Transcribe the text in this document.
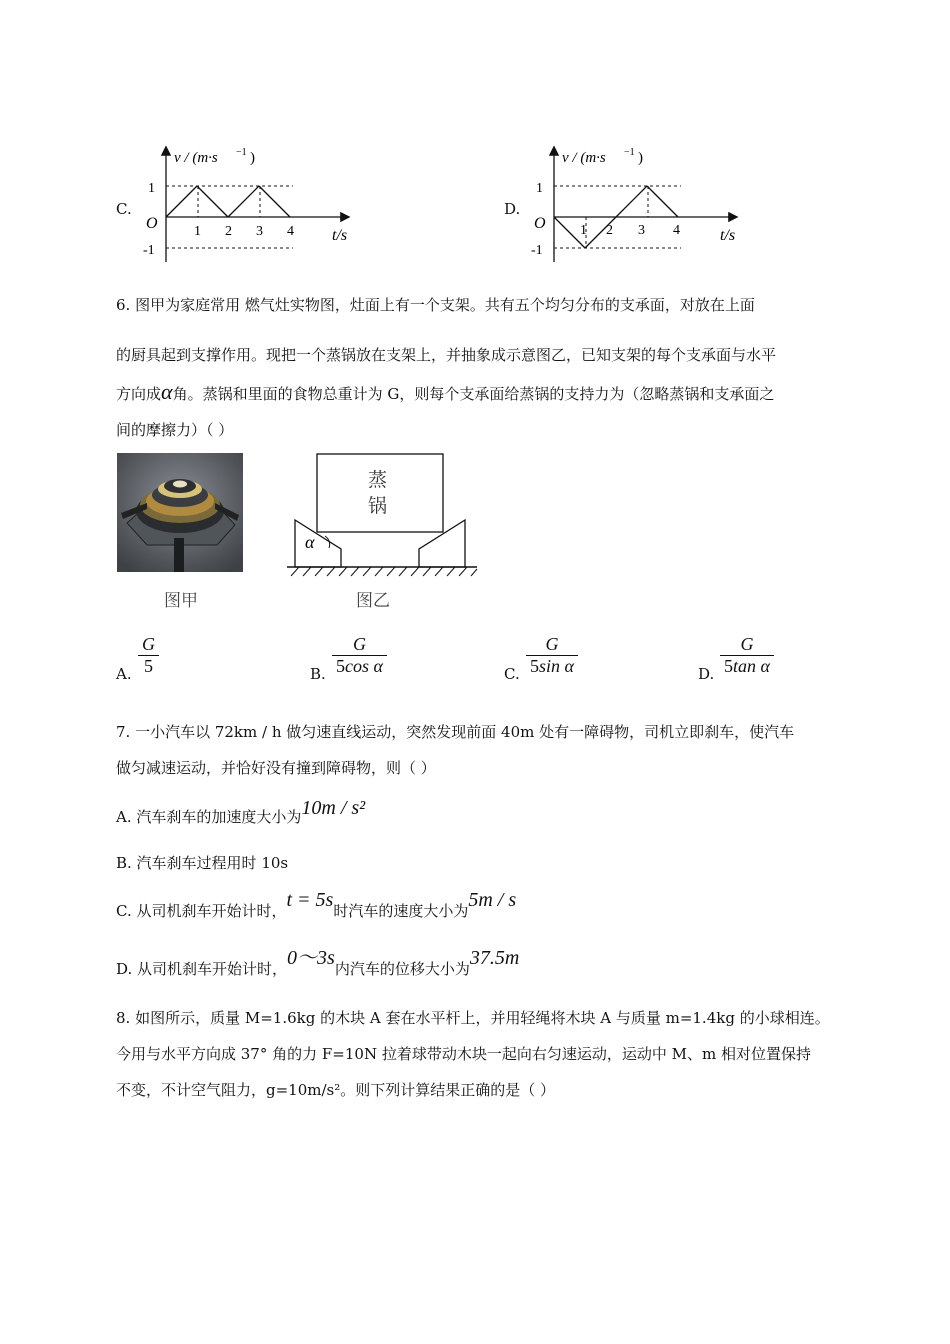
C.
v / (m·s −1 )
O
1
-1
1 2 3 4 t/s
D.
v / (m·s −1 )
O
1
-1
1 2 3 4	t/s
6. 图甲为家庭常用 燃气灶实物图，灶面上有一个支架。共有五个均匀分布的支承面，对放在上面
的厨具起到支撑作用。现把一个蒸锅放在支架上，并抽象成示意图乙，已知支架的每个支承面与水平
方向成α角。蒸锅和里面的食物总重计为 G，则每个支承面给蒸锅的支持力为（忽略蒸锅和支承面之
间的摩擦力）（ ）
图甲
α
蒸
锅
图乙
A. $\frac{G}{5}$	B. $\frac{G}{\text{5cos α}}$	C. $\frac{G}{\text{5sin α}}$	D. $\frac{G}{\text{5tan α}}$
7. 一小汽车以 72km / h 做匀速直线运动，突然发现前面 40m 处有一障碍物，司机立即刹车，使汽车
做匀减速运动，并恰好没有撞到障碍物，则（ ）
A. 汽车刹车的加速度大小为10m / s²
B. 汽车刹车过程用时 10s
C. 从司机刹车开始计时，t = 5s时汽车的速度大小为5m / s
D. 从司机刹车开始计时，0～3s内汽车的位移大小为37.5m
8. 如图所示，质量 M=1.6kg 的木块 A 套在水平杆上，并用轻绳将木块 A 与质量 m=1.4kg 的小球相连。
今用与水平方向成 37° 角的力 F=10N 拉着球带动木块一起向右匀速运动，运动中 M、m 相对位置保持
不变，不计空气阻力，g=10m/s²。则下列计算结果正确的是（ ）
